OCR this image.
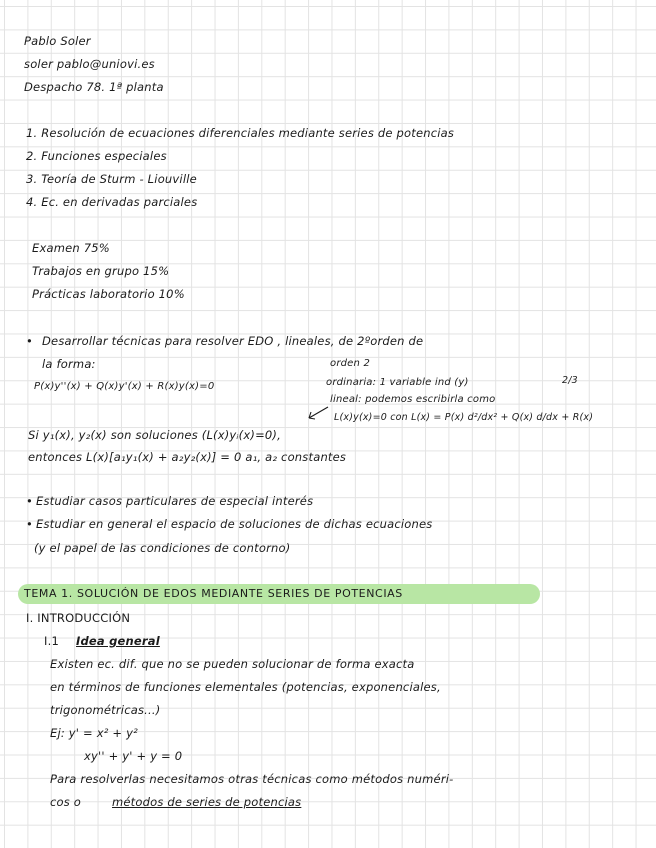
Pablo Soler
soler pablo@uniovi.es
Despacho 78. 1ª planta
1. Resolución de ecuaciones diferenciales mediante series de potencias
2. Funciones especiales
3. Teoría de Sturm - Liouville
4. Ec. en derivadas parciales
Examen 75%
Trabajos en grupo 15%
Prácticas laboratorio 10%
• Desarrollar técnicas para resolver EDO , lineales, de 2ºorden de
la forma:	orden 2
P(x)y''(x) + Q(x)y'(x) + R(x)y(x)=0	ordinaria: 1 variable ind (y)	2/3
lineal: podemos escribirla como
L(x)y(x)=0 con L(x) = P(x) d²/dx² + Q(x) d/dx + R(x)
Si y₁(x), y₂(x) son soluciones (L(x)yᵢ(x)=0),
entonces L(x)[a₁y₁(x) + a₂y₂(x)] = 0 a₁, a₂ constantes
• Estudiar casos particulares de especial interés
• Estudiar en general el espacio de soluciones de dichas ecuaciones
(y el papel de las condiciones de contorno)
TEMA 1. SOLUCIÓN DE EDOS MEDIANTE SERIES DE POTENCIAS
I. INTRODUCCIÓN
I.1 Idea general
Existen ec. dif. que no se pueden solucionar de forma exacta
en términos de funciones elementales (potencias, exponenciales,
trigonométricas...)
Ej: y' = x² + y²
xy'' + y' + y = 0
Para resolverlas necesitamos otras técnicas como métodos numéri-
cos o	métodos de series de potencias
